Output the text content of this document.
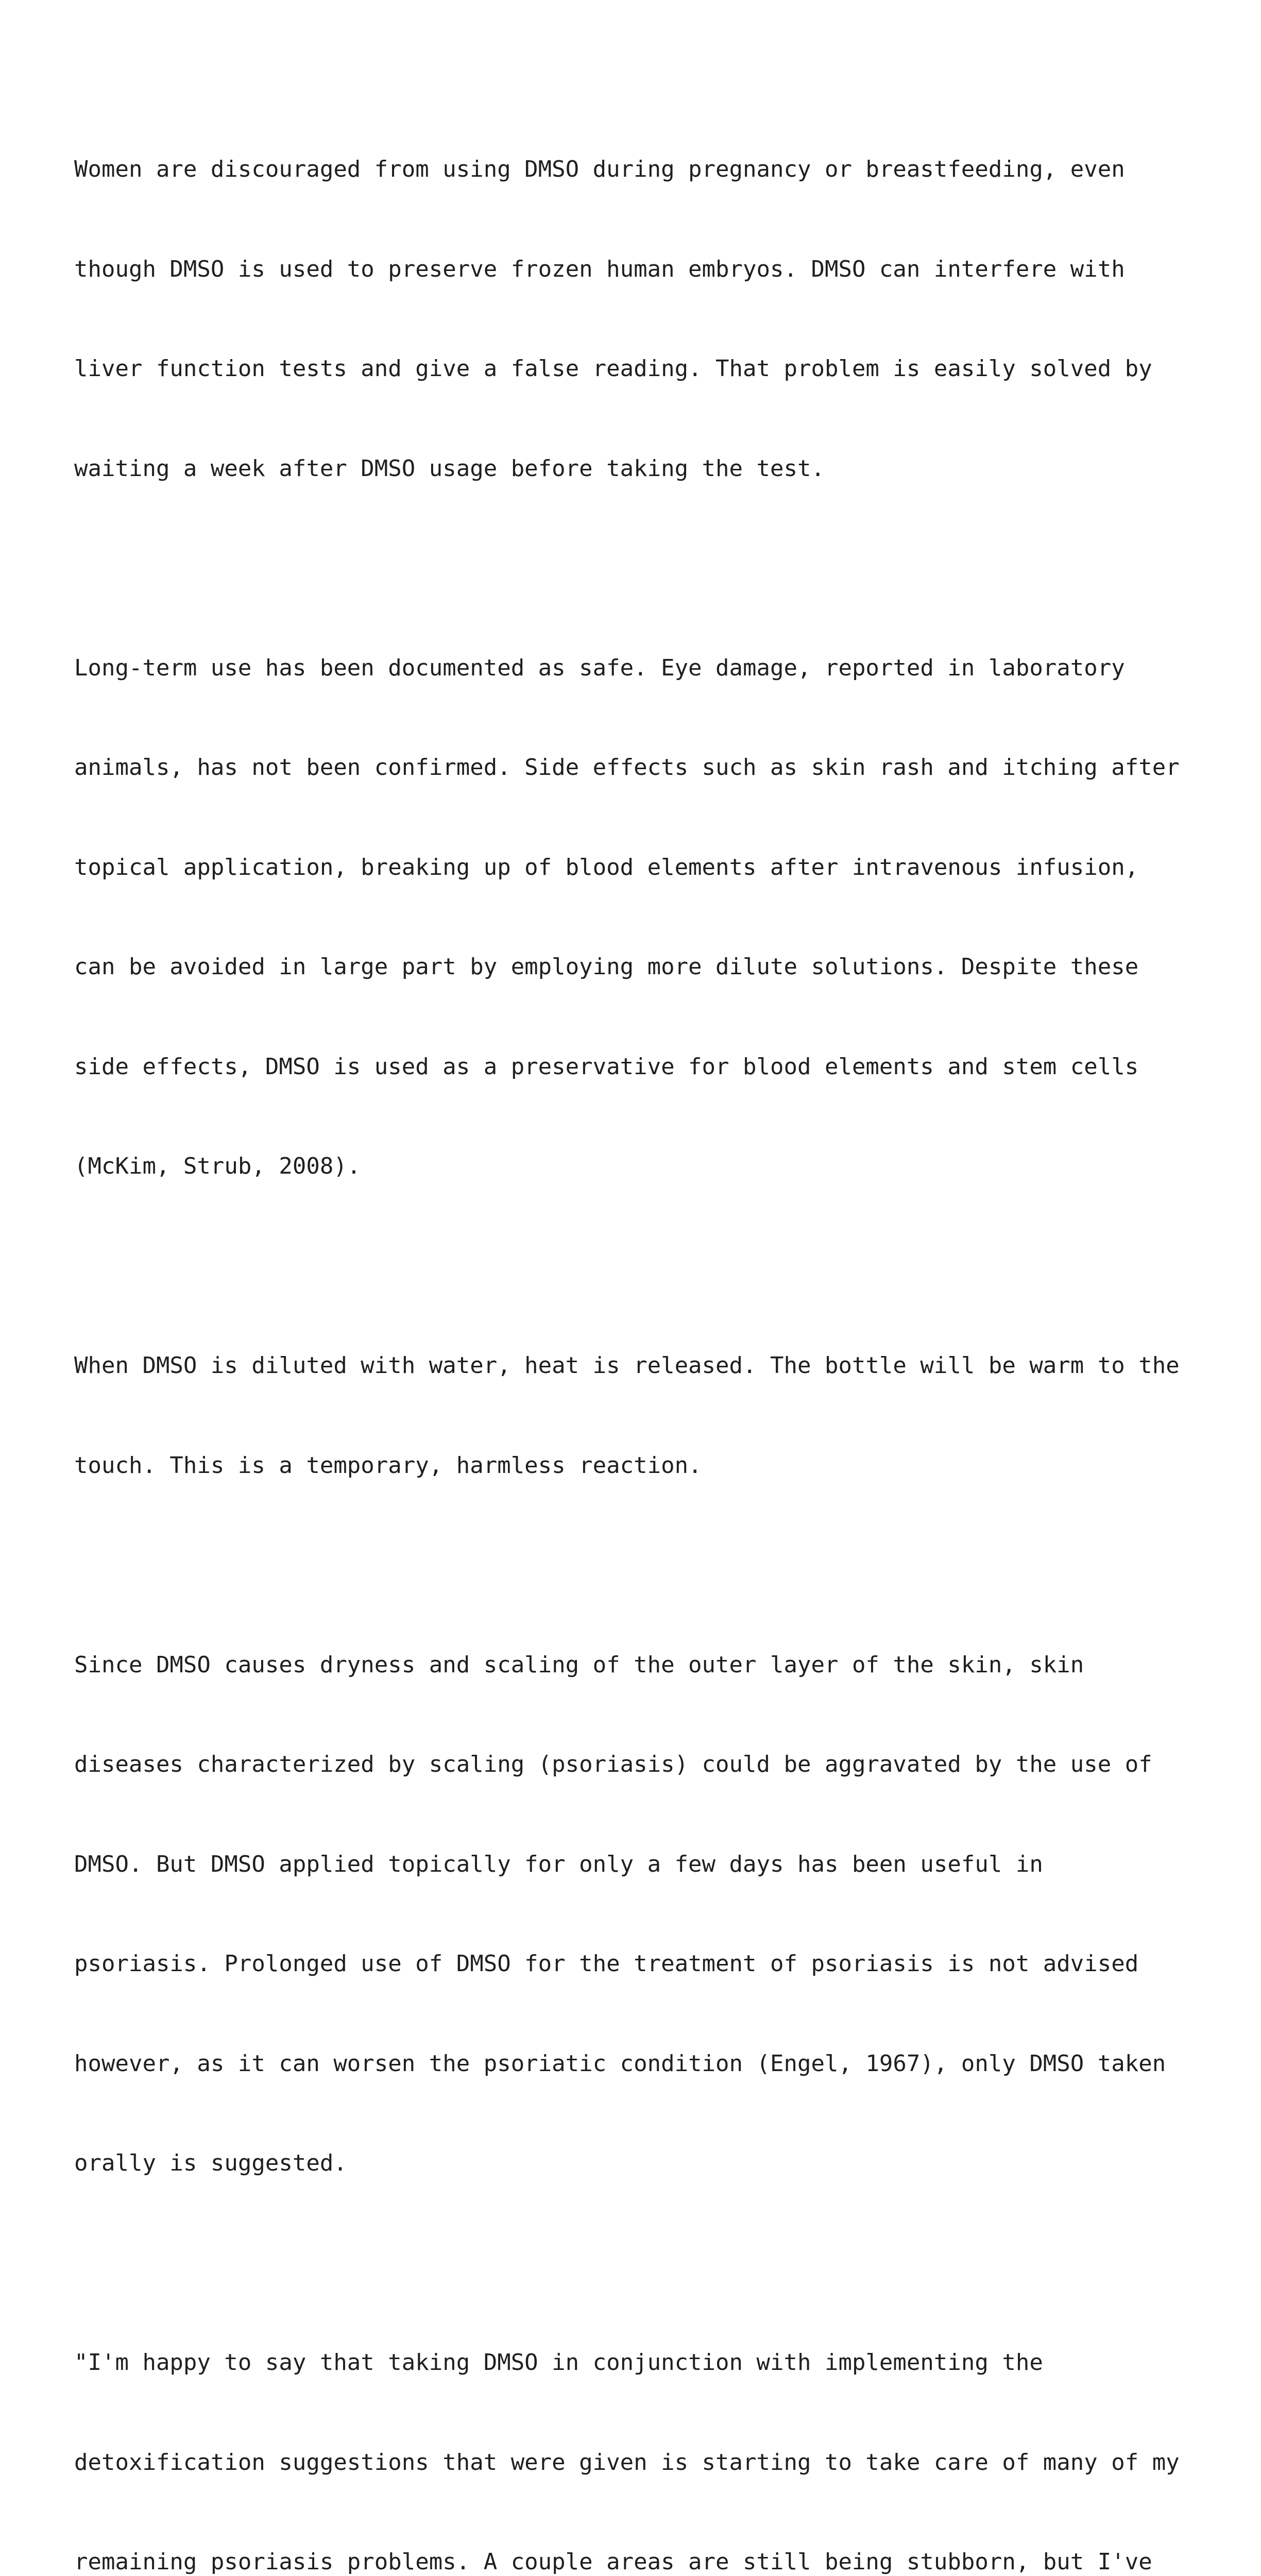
Women are discouraged from using DMSO during pregnancy or breastfeeding, even

though DMSO is used to preserve frozen human embryos. DMSO can interfere with

liver function tests and give a false reading. That problem is easily solved by

waiting a week after DMSO usage before taking the test.

Long-term use has been documented as safe. Eye damage, reported in laboratory

animals, has not been confirmed. Side effects such as skin rash and itching after

topical application, breaking up of blood elements after intravenous infusion,

can be avoided in large part by employing more dilute solutions. Despite these

side effects, DMSO is used as a preservative for blood elements and stem cells

(McKim, Strub, 2008).

When DMSO is diluted with water, heat is released. The bottle will be warm to the

touch. This is a temporary, harmless reaction.

Since DMSO causes dryness and scaling of the outer layer of the skin, skin

diseases characterized by scaling (psoriasis) could be aggravated by the use of

DMSO. But DMSO applied topically for only a few days has been useful in

psoriasis. Prolonged use of DMSO for the treatment of psoriasis is not advised

however, as it can worsen the psoriatic condition (Engel, 1967), only DMSO taken

orally is suggested.

"I'm happy to say that taking DMSO in conjunction with implementing the

detoxification suggestions that were given is starting to take care of many of my

remaining psoriasis problems. A couple areas are still being stubborn, but I've
